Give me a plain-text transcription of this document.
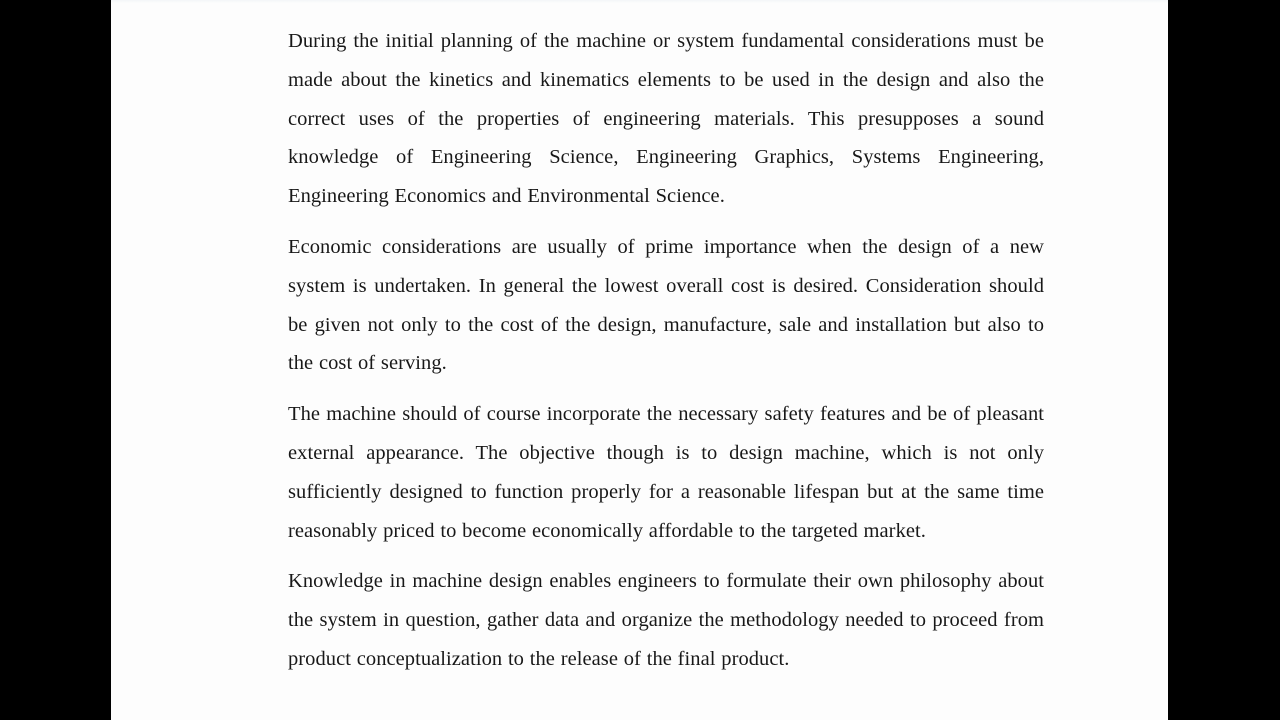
During the initial planning of the machine or system fundamental considerations must be made about the kinetics and kinematics elements to be used in the design and also the correct uses of the properties of engineering materials. This presupposes a sound knowledge of Engineering Science, Engineering Graphics, Systems Engineering, Engineering Economics and Environmental Science.

Economic considerations are usually of prime importance when the design of a new system is undertaken. In general the lowest overall cost is desired. Consideration should be given not only to the cost of the design, manufacture, sale and installation but also to the cost of serving.

The machine should of course incorporate the necessary safety features and be of pleasant external appearance. The objective though is to design machine, which is not only sufficiently designed to function properly for a reasonable lifespan but at the same time reasonably priced to become economically affordable to the targeted market.

Knowledge in machine design enables engineers to formulate their own philosophy about the system in question, gather data and organize the methodology needed to proceed from product conceptualization to the release of the final product.
